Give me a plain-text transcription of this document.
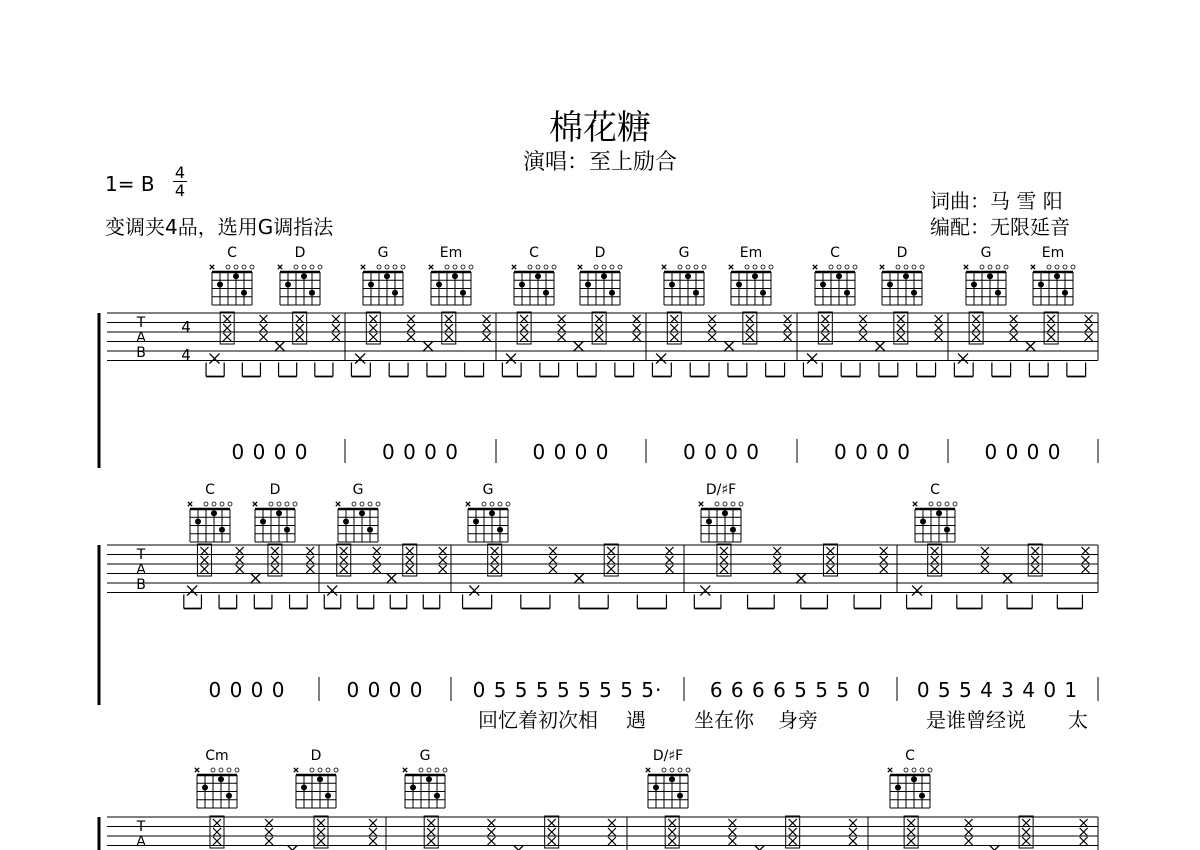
棉花糖
演唱：至上励合
1= B	4
4
变调夹4品，选用G调指法
词曲：马 雪 阳
编配：无限延音
T
A
B
4
4
C	D	G	Em	C	D	G	Em	C	D	G	Em
0 0 0 0	0 0 0 0	0 0 0 0	0 0 0 0	0 0 0 0	0 0 0 0
T
A
B
C	D	G	G	D/♯F	C
0 0 0 0	0 0 0 0 0 5 5 5 5 5 5 5 5· 6 6 6 6 5 5 5 0 0 5 5 4 3 4 0 1
回忆着初次相 遇 坐在你 身旁	是谁曾经说 太
T
A
Cm	D	G	D/♯F	C
